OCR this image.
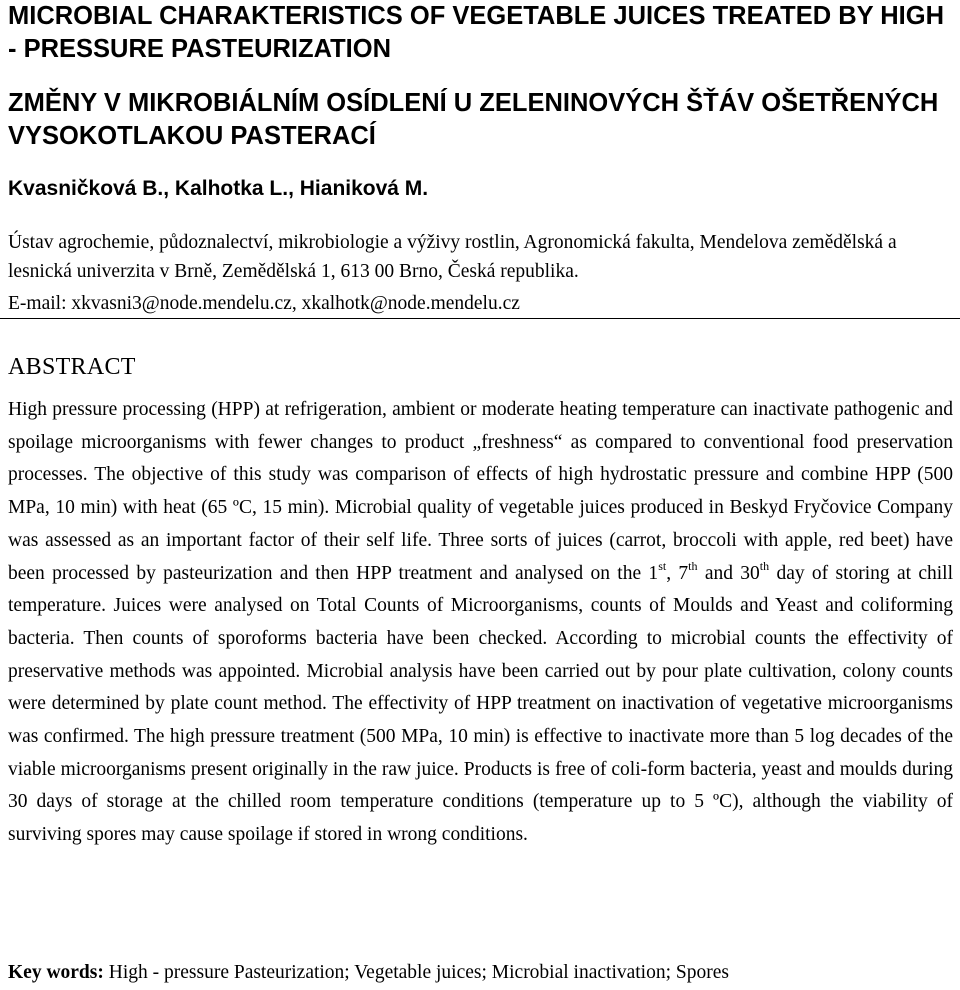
MICROBIAL CHARAKTERISTICS OF VEGETABLE JUICES TREATED BY HIGH - PRESSURE PASTEURIZATION
ZMĚNY V MIKROBIÁLNÍM OSÍDLENÍ U ZELENINOVÝCH ŠŤÁV OŠETŘENÝCH VYSOKOTLAKOU PASTERACÍ
Kvasničková B., Kalhotka L., Hianiková M.
Ústav agrochemie, půdoznalectví, mikrobiologie a výživy rostlin, Agronomická fakulta, Mendelova zemědělská a lesnická univerzita v Brně, Zemědělská 1, 613 00 Brno, Česká republika.
E-mail: xkvasni3@node.mendelu.cz, xkalhotk@node.mendelu.cz
ABSTRACT
High pressure processing (HPP) at refrigeration, ambient or moderate heating temperature can inactivate pathogenic and spoilage microorganisms with fewer changes to product „freshness“ as compared to conventional food preservation processes. The objective of this study was comparison of effects of high hydrostatic pressure and combine HPP (500 MPa, 10 min) with heat (65 ºC, 15 min). Microbial quality of vegetable juices produced in Beskyd Fryčovice Company was assessed as an important factor of their self life. Three sorts of juices (carrot, broccoli with apple, red beet) have been processed by pasteurization and then HPP treatment and analysed on the 1st, 7th and 30th day of storing at chill temperature. Juices were analysed on Total Counts of Microorganisms, counts of Moulds and Yeast and coliforming bacteria. Then counts of sporoforms bacteria have been checked. According to microbial counts the effectivity of preservative methods was appointed. Microbial analysis have been carried out by pour plate cultivation, colony counts were determined by plate count method. The effectivity of HPP treatment on inactivation of vegetative microorganisms was confirmed. The high pressure treatment (500 MPa, 10 min) is effective to inactivate more than 5 log decades of the viable microorganisms present originally in the raw juice. Products is free of coli-form bacteria, yeast and moulds during 30 days of storage at the chilled room temperature conditions (temperature up to 5 ºC), although the viability of surviving spores may cause spoilage if stored in wrong conditions.
Key words: High - pressure Pasteurization; Vegetable juices; Microbial inactivation; Spores
